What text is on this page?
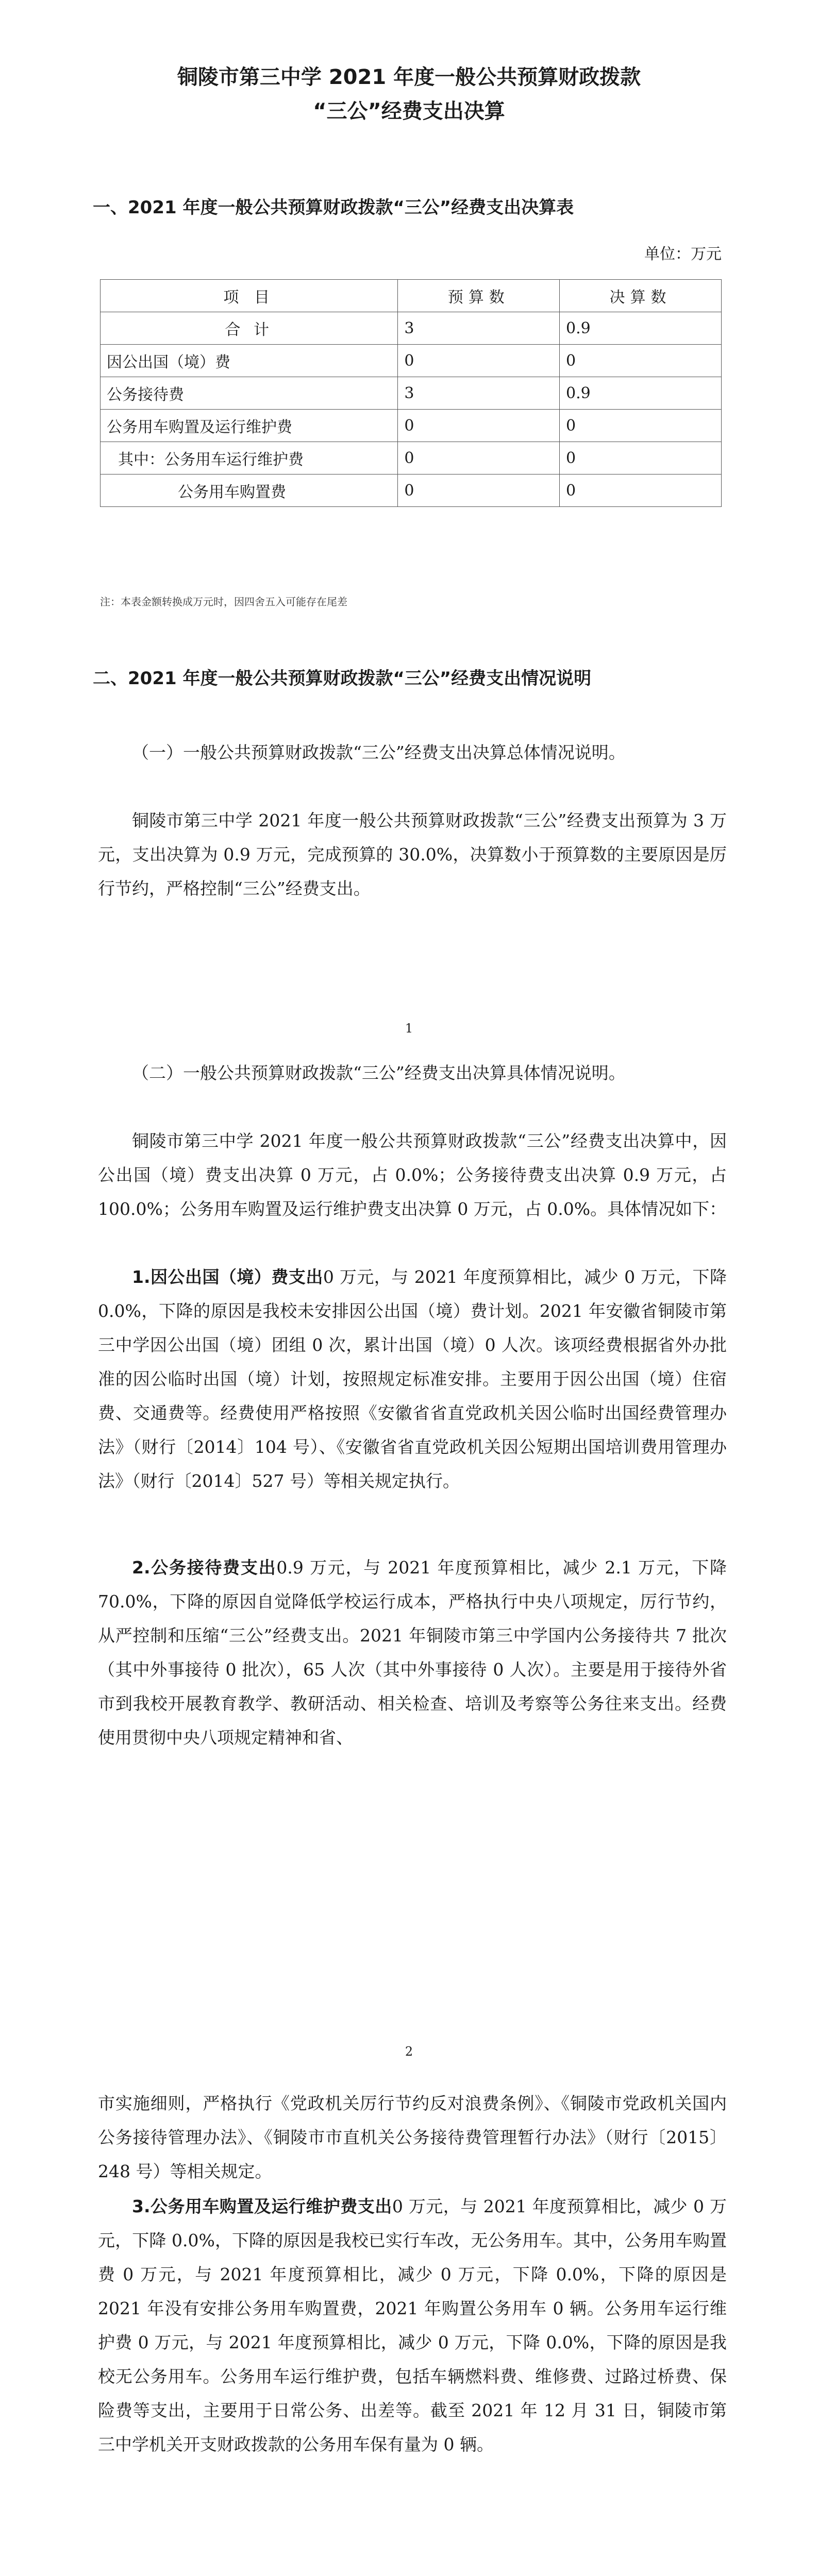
铜陵市第三中学 2021 年度一般公共预算财政拨款
“三公”经费支出决算
一、2021 年度一般公共预算财政拨款“三公”经费支出决算表
单位：万元
项 目	预算数	决算数
合 计	3	0.9
因公出国（境）费	0	0
公务接待费	3	0.9
公务用车购置及运行维护费	0	0
其中：公务用车运行维护费	0	0
公务用车购置费	0	0
注：本表金额转换成万元时，因四舍五入可能存在尾差
二、2021 年度一般公共预算财政拨款“三公”经费支出情况说明
（一）一般公共预算财政拨款“三公”经费支出决算总体情况说明。
铜陵市第三中学 2021 年度一般公共预算财政拨款“三公”经费支出预算为 3 万元，支出决算为 0.9 万元，完成预算的 30.0%，决算数小于预算数的主要原因是厉行节约，严格控制“三公”经费支出。
1
（二）一般公共预算财政拨款“三公”经费支出决算具体情况说明。
铜陵市第三中学 2021 年度一般公共预算财政拨款“三公”经费支出决算中，因公出国（境）费支出决算 0 万元，占 0.0%；公务接待费支出决算 0.9 万元，占 100.0%；公务用车购置及运行维护费支出决算 0 万元，占 0.0%。具体情况如下：
1.因公出国（境）费支出0 万元，与 2021 年度预算相比，减少 0 万元，下降 0.0%，下降的原因是我校未安排因公出国（境）费计划。2021 年安徽省铜陵市第三中学因公出国（境）团组 0 次，累计出国（境）0 人次。该项经费根据省外办批准的因公临时出国（境）计划，按照规定标准安排。主要用于因公出国（境）住宿费、交通费等。经费使用严格按照《安徽省省直党政机关因公临时出国经费管理办法》（财行〔2014〕104 号）、《安徽省省直党政机关因公短期出国培训费用管理办法》（财行〔2014〕527 号）等相关规定执行。
2.公务接待费支出0.9 万元，与 2021 年度预算相比，减少 2.1 万元，下降 70.0%，下降的原因自觉降低学校运行成本，严格执行中央八项规定，厉行节约，从严控制和压缩“三公”经费支出。2021 年铜陵市第三中学国内公务接待共 7 批次（其中外事接待 0 批次），65 人次（其中外事接待 0 人次）。主要是用于接待外省市到我校开展教育教学、教研活动、相关检查、培训及考察等公务往来支出。经费使用贯彻中央八项规定精神和省、
2
市实施细则，严格执行《党政机关厉行节约反对浪费条例》、《铜陵市党政机关国内公务接待管理办法》、《铜陵市市直机关公务接待费管理暂行办法》（财行〔2015〕248 号）等相关规定。
3.公务用车购置及运行维护费支出0 万元，与 2021 年度预算相比，减少 0 万元，下降 0.0%，下降的原因是我校已实行车改，无公务用车。其中，公务用车购置费 0 万元，与 2021 年度预算相比，减少 0 万元，下降 0.0%，下降的原因是 2021 年没有安排公务用车购置费，2021 年购置公务用车 0 辆。公务用车运行维护费 0 万元，与 2021 年度预算相比，减少 0 万元，下降 0.0%，下降的原因是我校无公务用车。公务用车运行维护费，包括车辆燃料费、维修费、过路过桥费、保险费等支出，主要用于日常公务、出差等。截至 2021 年 12 月 31 日，铜陵市第三中学机关开支财政拨款的公务用车保有量为 0 辆。
